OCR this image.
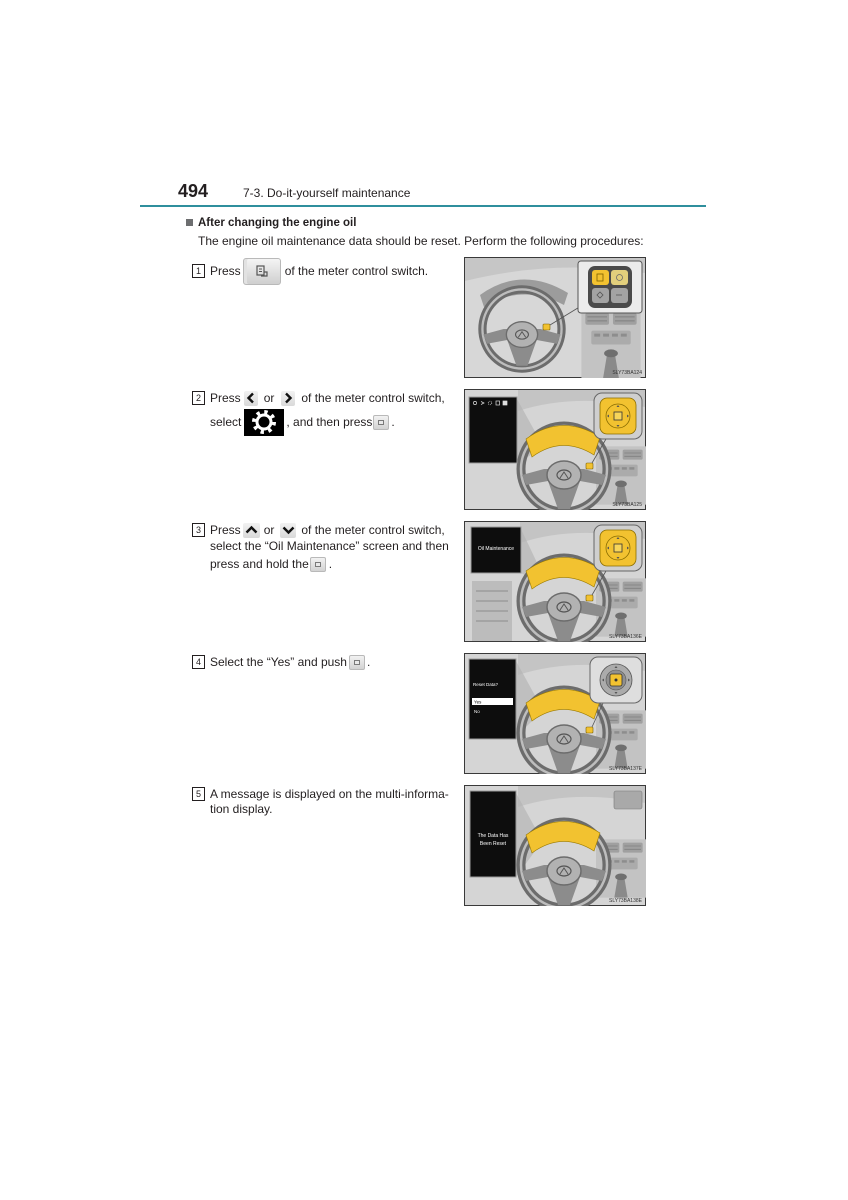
494	7-3. Do-it-yourself maintenance
After changing the engine oil
The engine oil maintenance data should be reset. Perform the following procedures:
1 Press	of the meter control switch.
SLY73BA124
2 Press or of the meter control switch,
select	, and then press .
SLY73BA125
3 Press or of the meter control switch,
select the “Oil Maintenance” screen and then
press and hold the .
Oil Maintenance
SLY73BA136E
4 Select the “Yes” and push .
Reset Data?
Yes
No
SLY73BA137E
5 A message is displayed on the multi-informa-
tion display.
The Data Has
Been Reset
SLY73BA138E
